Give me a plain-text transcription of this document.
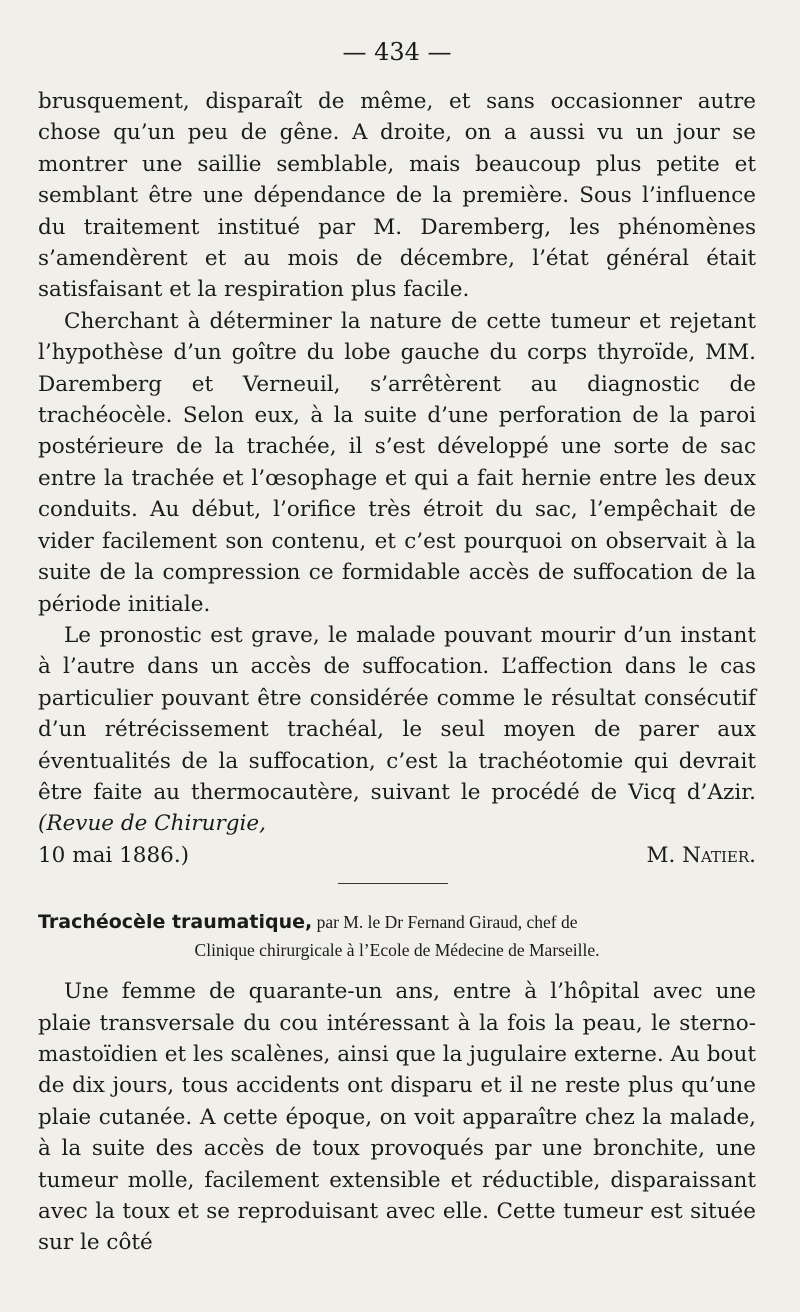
— 434 —

brusquement, disparaît de même, et sans occasionner autre chose qu’un peu de gêne. A droite, on a aussi vu un jour se montrer une saillie semblable, mais beaucoup plus petite et semblant être une dépendance de la première. Sous l’influence du traitement institué par M. Daremberg, les phénomènes s’amendèrent et au mois de décembre, l’état général était satisfaisant et la respiration plus facile.

Cherchant à déterminer la nature de cette tumeur et rejetant l’hypothèse d’un goître du lobe gauche du corps thyroïde, MM. Daremberg et Verneuil, s’arrêtèrent au diagnostic de trachéocèle. Selon eux, à la suite d’une perforation de la paroi postérieure de la trachée, il s’est développé une sorte de sac entre la trachée et l’œsophage et qui a fait hernie entre les deux conduits. Au début, l’orifice très étroit du sac, l’empêchait de vider facilement son contenu, et c’est pourquoi on observait à la suite de la compression ce formidable accès de suffocation de la période initiale.

Le pronostic est grave, le malade pouvant mourir d’un instant à l’autre dans un accès de suffocation. L’affection dans le cas particulier pouvant être considérée comme le résultat consécutif d’un rétrécissement trachéal, le seul moyen de parer aux éventualités de la suffocation, c’est la trachéotomie qui devrait être faite au thermocautère, suivant le procédé de Vicq d’Azir. (Revue de Chirurgie,

10 mai 1886.)	M. Natier.
Trachéocèle traumatique, par M. le Dr Fernand Giraud, chef de
Clinique chirurgicale à l’Ecole de Médecine de Marseille.

Une femme de quarante-un ans, entre à l’hôpital avec une plaie transversale du cou intéressant à la fois la peau, le sterno-mastoïdien et les scalènes, ainsi que la jugulaire externe. Au bout de dix jours, tous accidents ont disparu et il ne reste plus qu’une plaie cutanée. A cette époque, on voit apparaître chez la malade, à la suite des accès de toux provoqués par une bronchite, une tumeur molle, facilement extensible et réductible, disparaissant avec la toux et se reproduisant avec elle. Cette tumeur est située sur le côté
